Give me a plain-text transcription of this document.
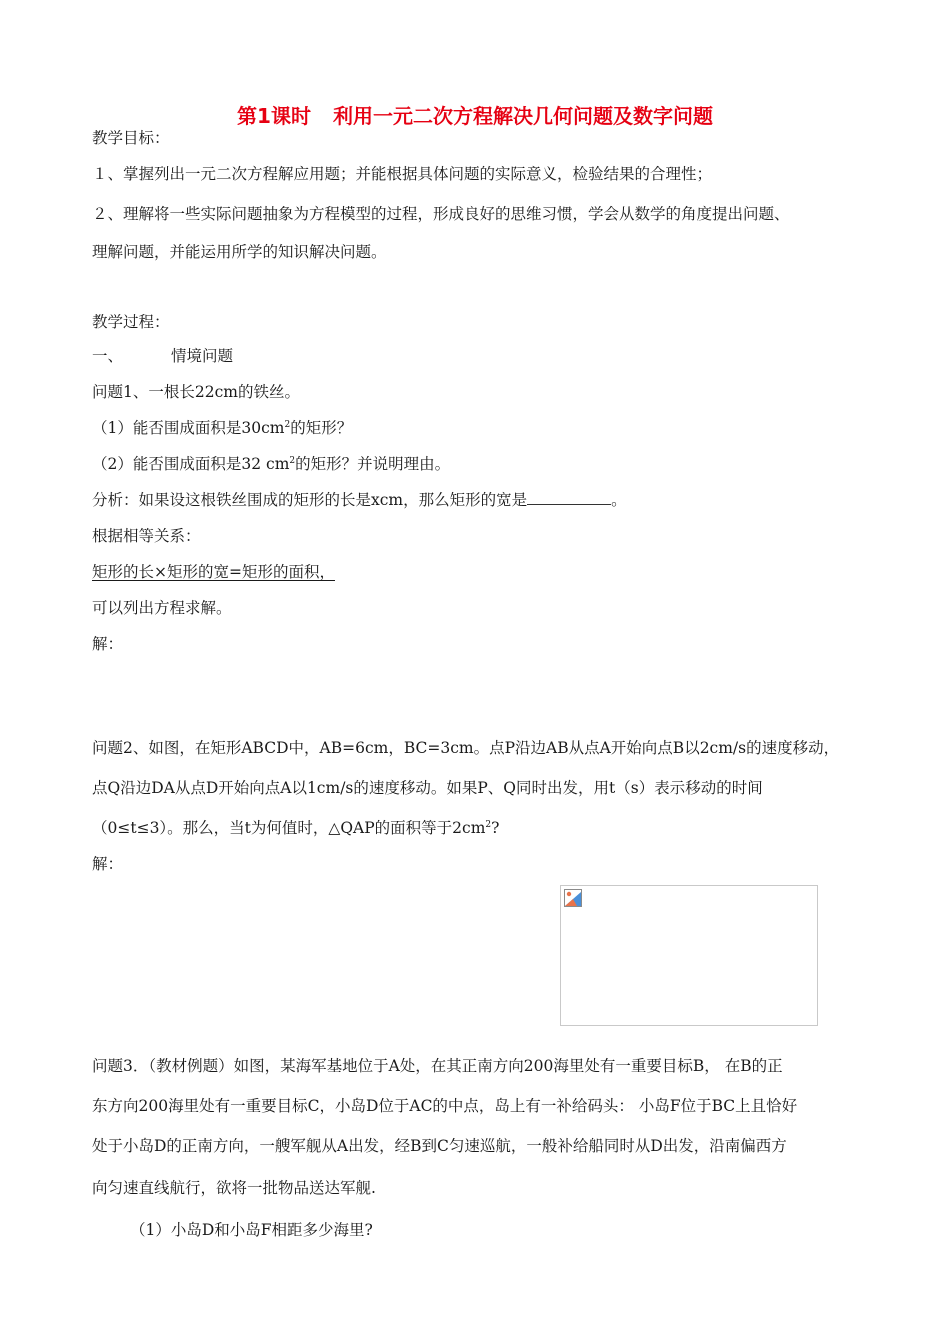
第1课时 利用一元二次方程解决几何问题及数字问题

教学目标：

１、掌握列出一元二次方程解应用题；并能根据具体问题的实际意义，检验结果的合理性；

２、理解将一些实际问题抽象为方程模型的过程，形成良好的思维习惯，学会从数学的角度提出问题、

理解问题，并能运用所学的知识解决问题。

教学过程：

一、	情境问题

问题1、一根长22cm的铁丝。

（1）能否围成面积是$30cm^2$的矩形？

（2）能否围成面积是32 $cm^2$的矩形？并说明理由。

分析：如果设这根铁丝围成的矩形的长是xcm，那么矩形的宽是	。

根据相等关系：

矩形的长×矩形的宽=矩形的面积，

可以列出方程求解。

解：

问题2、如图，在矩形ABCD中，AB=6cm，BC=3cm。点P沿边AB从点A开始向点B以2cm/s的速度移动，

点Q沿边DA从点D开始向点A以1cm/s的速度移动。如果P、Q同时出发，用t（s）表示移动的时间

（0≤t≤3）。那么，当t为何值时，△QAP的面积等于$2cm^2$?

解：

问题3．（教材例题）如图，某海军基地位于A处，在其正南方向200海里处有一重要目标B， 在B的正

东方向200海里处有一重要目标C，小岛D位于AC的中点，岛上有一补给码头： 小岛F位于BC上且恰好

处于小岛D的正南方向，一艘军舰从A出发，经B到C匀速巡航，一般补给船同时从D出发，沿南偏西方

向匀速直线航行，欲将一批物品送达军舰.

（1）小岛D和小岛F相距多少海里?
